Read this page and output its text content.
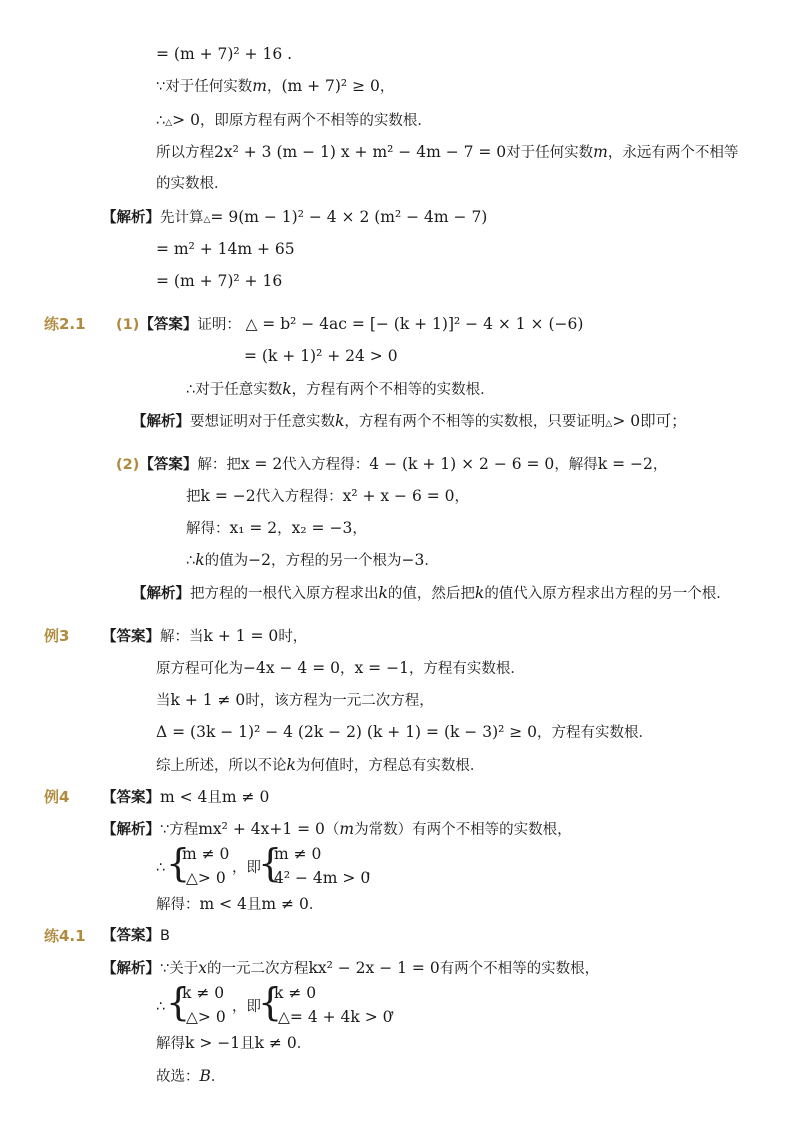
= (m + 7)² + 16 .
∵对于任何实数m，(m + 7)² ≥ 0，
∴△> 0，即原方程有两个不相等的实数根．
所以方程2x² + 3 (m − 1) x + m² − 4m − 7 = 0对于任何实数m，永远有两个不相等
的实数根．
【解析】先计算△= 9(m − 1)² − 4 × 2 (m² − 4m − 7)
= m² + 14m + 65
= (m + 7)² + 16
练2.1 (1)【答案】证明： △ = b² − 4ac = [− (k + 1)]² − 4 × 1 × (−6)
= (k + 1)² + 24 > 0
∴对于任意实数k，方程有两个不相等的实数根．
【解析】要想证明对于任意实数k，方程有两个不相等的实数根，只要证明△> 0即可；
(2)【答案】解：把x = 2代入方程得：4 − (k + 1) × 2 − 6 = 0，解得k = −2，
把k = −2代入方程得：x² + x − 6 = 0，
解得：x₁ = 2，x₂ = −3，
∴k的值为−2，方程的另一个根为−3．
【解析】把方程的一根代入原方程求出k的值，然后把k的值代入原方程求出方程的另一个根．
例3 【答案】解：当k + 1 = 0时，
原方程可化为−4x − 4 = 0，x = −1，方程有实数根．
当k + 1 ≠ 0时，该方程为一元二次方程，
Δ = (3k − 1)² − 4 (2k − 2) (k + 1) = (k − 3)² ≥ 0，方程有实数根．
综上所述，所以不论k为何值时，方程总有实数根．
例4 【答案】m < 4且m ≠ 0
【解析】∵方程mx² + 4x+1 = 0（m为常数）有两个不相等的实数根，
∴ {
m ≠ 0
△> 0
，即
{
m ≠ 0
4² − 4m > 0
，
解得：m < 4且m ≠ 0．
练4.1 【答案】B
【解析】∵关于x的一元二次方程kx² − 2x − 1 = 0有两个不相等的实数根，
∴ {
k ≠ 0
△> 0
，即
{
k ≠ 0
△= 4 + 4k > 0
，
解得k > −1且k ≠ 0．
故选：B．
